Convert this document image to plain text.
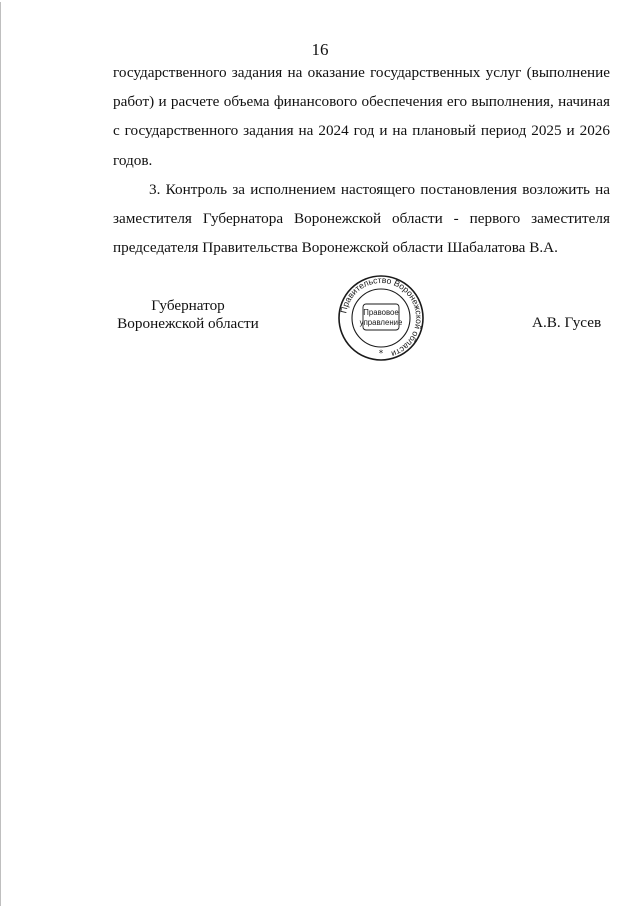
16

государственного задания на оказание государственных услуг (выполнение работ) и расчете объема финансового обеспечения его выполнения, начиная с государственного задания на 2024 год и на плановый период 2025 и 2026 годов.

3. Контроль за исполнением настоящего постановления возложить на заместителя Губернатора Воронежской области - первого заместителя председателя Правительства Воронежской области Шабалатова В.А.

Губернатор
Воронежской области
Правительство Воронежской области
Правовое
управление
*
А.В. Гусев
